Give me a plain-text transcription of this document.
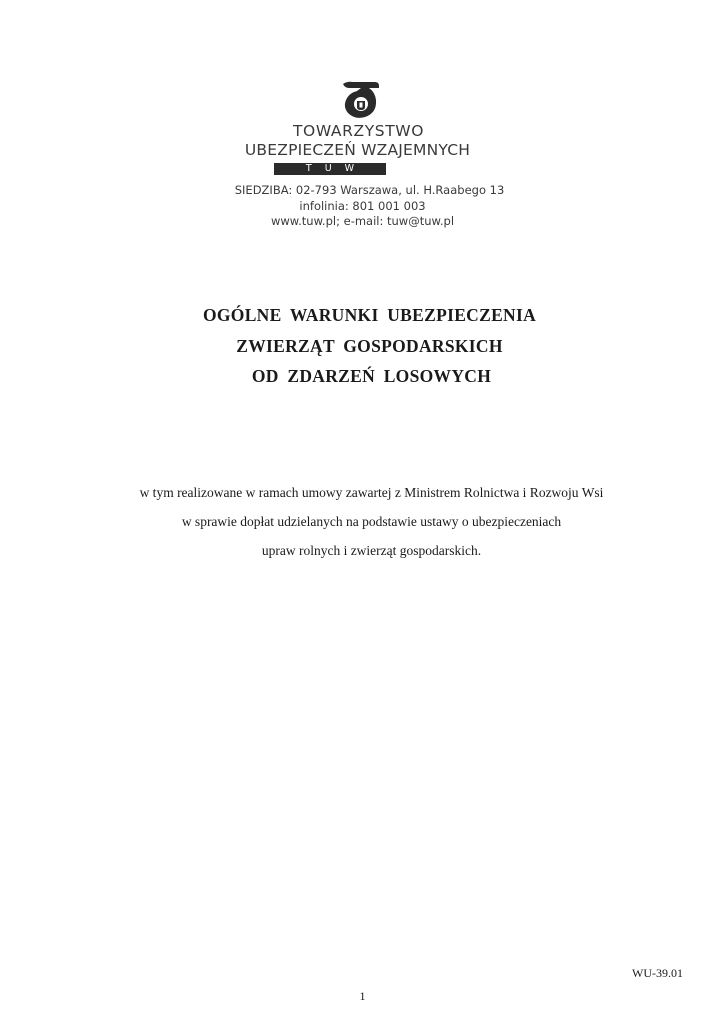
TOWARZYSTWO
UBEZPIECZEŃ WZAJEMNYCH
TUW
SIEDZIBA: 02-793 Warszawa, ul. H.Raabego 13
infolinia: 801 001 003
www.tuw.pl; e-mail: tuw@tuw.pl
OGÓLNE WARUNKI UBEZPIECZENIA
ZWIERZĄT GOSPODARSKICH
OD ZDARZEŃ LOSOWYCH
w tym realizowane w ramach umowy zawartej z Ministrem Rolnictwa i Rozwoju Wsi
w sprawie dopłat udzielanych na podstawie ustawy o ubezpieczeniach
upraw rolnych i zwierząt gospodarskich.
WU-39.01
1
